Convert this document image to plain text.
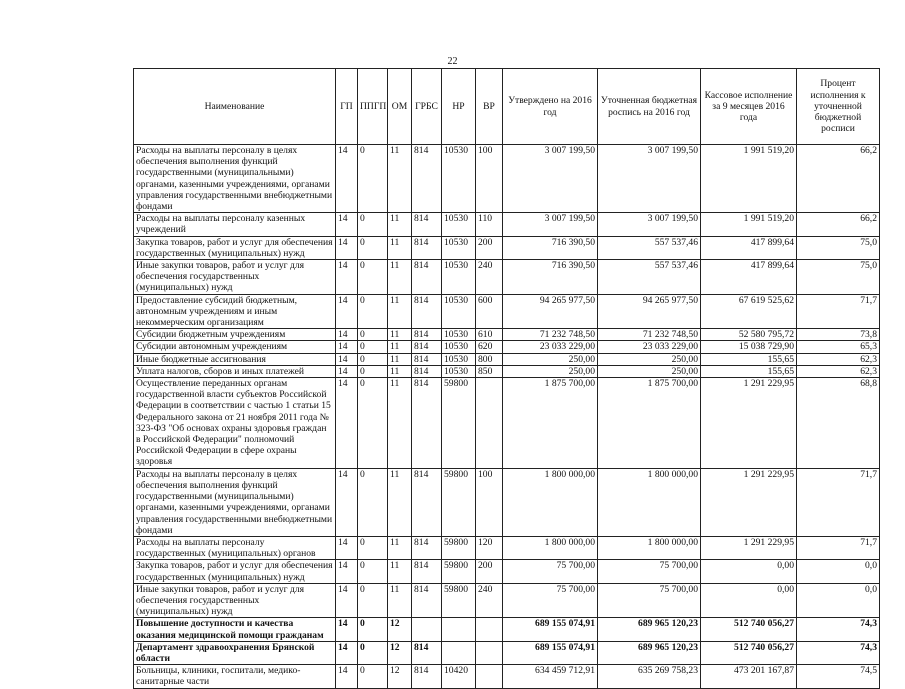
22
Наименование	ГП	ППГП	ОМ	ГРБС	НР	ВР	Утверждено на 2016 год	Уточненная бюджетная роспись на 2016 год	Кассовое исполнение за 9 месяцев 2016 года	Процент исполнения к уточненной бюджетной росписи
Расходы на выплаты персоналу в целях обеспечения выполнения функций государственными (муниципальными) органами, казенными учреждениями, органами управления государственными внебюджетными фондами	14	0	11	814	10530	100	3 007 199,50	3 007 199,50	1 991 519,20	66,2
Расходы на выплаты персоналу казенных учреждений	14	0	11	814	10530	110	3 007 199,50	3 007 199,50	1 991 519,20	66,2
Закупка товаров, работ и услуг для обеспечения государственных (муниципальных) нужд	14	0	11	814	10530	200	716 390,50	557 537,46	417 899,64	75,0
Иные закупки товаров, работ и услуг для обеспечения государственных (муниципальных) нужд	14	0	11	814	10530	240	716 390,50	557 537,46	417 899,64	75,0
Предоставление субсидий бюджетным, автономным учреждениям и иным некоммерческим организациям	14	0	11	814	10530	600	94 265 977,50	94 265 977,50	67 619 525,62	71,7
Субсидии бюджетным учреждениям	14	0	11	814	10530	610	71 232 748,50	71 232 748,50	52 580 795,72	73,8
Субсидии автономным учреждениям	14	0	11	814	10530	620	23 033 229,00	23 033 229,00	15 038 729,90	65,3
Иные бюджетные ассигнования	14	0	11	814	10530	800	250,00	250,00	155,65	62,3
Уплата налогов, сборов и иных платежей	14	0	11	814	10530	850	250,00	250,00	155,65	62,3
Осуществление переданных органам государственной власти субъектов Российской Федерации в соответствии с частью 1 статьи 15 Федерального закона от 21 ноября 2011 года № 323-ФЗ "Об основах охраны здоровья граждан в Российской Федерации" полномочий Российской Федерации в сфере охраны здоровья	14	0	11	814	59800		1 875 700,00	1 875 700,00	1 291 229,95	68,8
Расходы на выплаты персоналу в целях обеспечения выполнения функций государственными (муниципальными) органами, казенными учреждениями, органами управления государственными внебюджетными фондами	14	0	11	814	59800	100	1 800 000,00	1 800 000,00	1 291 229,95	71,7
Расходы на выплаты персоналу государственных (муниципальных) органов	14	0	11	814	59800	120	1 800 000,00	1 800 000,00	1 291 229,95	71,7
Закупка товаров, работ и услуг для обеспечения государственных (муниципальных) нужд	14	0	11	814	59800	200	75 700,00	75 700,00	0,00	0,0
Иные закупки товаров, работ и услуг для обеспечения государственных (муниципальных) нужд	14	0	11	814	59800	240	75 700,00	75 700,00	0,00	0,0
Повышение доступности и качества оказания медицинской помощи гражданам	14	0	12				689 155 074,91	689 965 120,23	512 740 056,27	74,3
Департамент здравоохранения Брянской области	14	0	12	814			689 155 074,91	689 965 120,23	512 740 056,27	74,3
Больницы, клиники, госпитали, медико-санитарные части	14	0	12	814	10420		634 459 712,91	635 269 758,23	473 201 167,87	74,5
